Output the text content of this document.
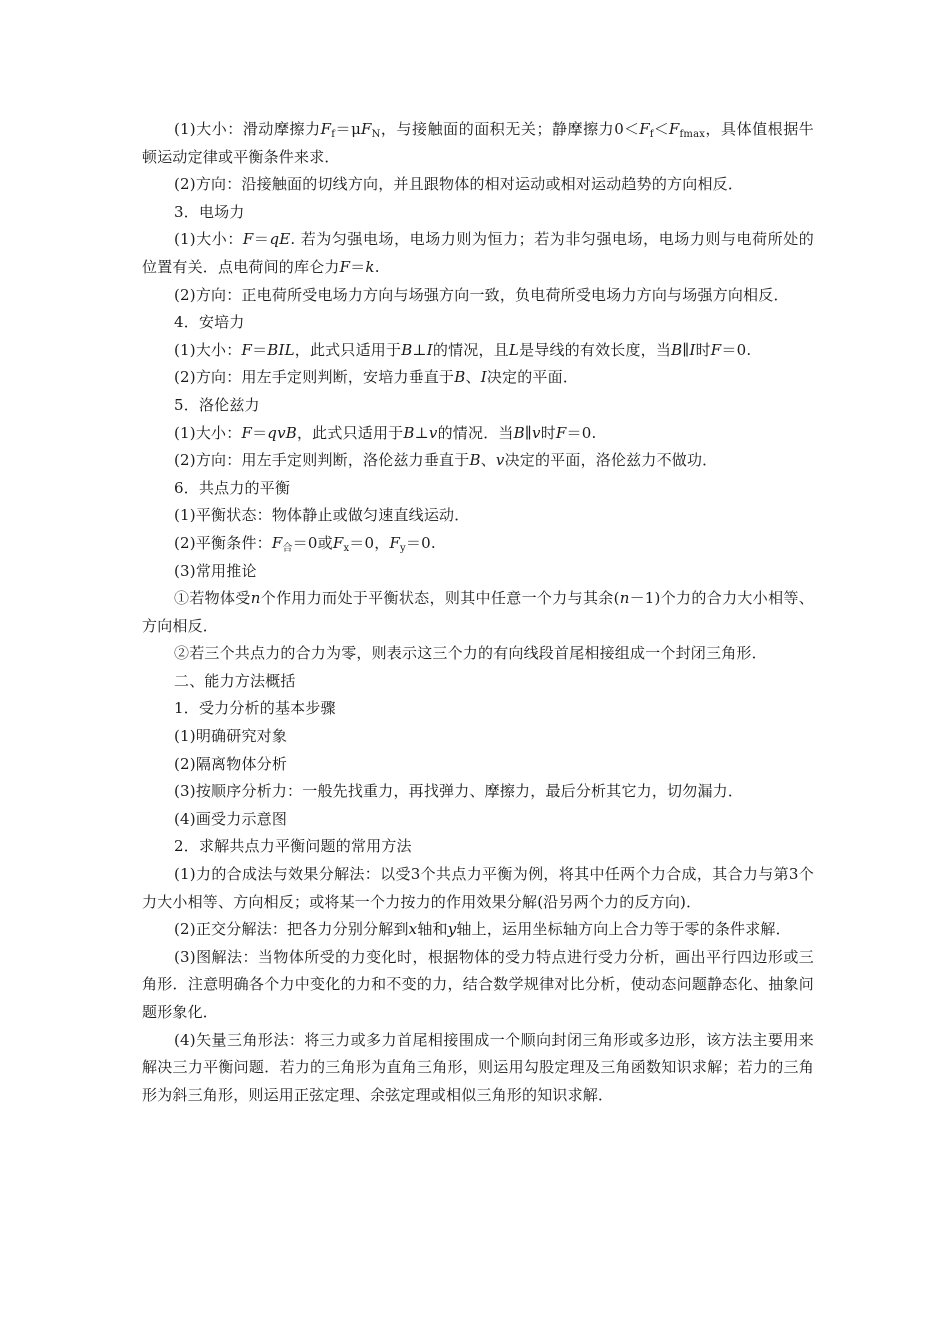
(1)大小：滑动摩擦力$F_f=\mu F_N$，与接触面的面积无关；静摩擦力$0<F_f<F_{fmax}$，具体值根据牛顿运动定律或平衡条件来求．

(2)方向：沿接触面的切线方向，并且跟物体的相对运动或相对运动趋势的方向相反．

3．电场力

(1)大小：F＝qE. 若为匀强电场，电场力则为恒力；若为非匀强电场，电场力则与电荷所处的位置有关．点电荷间的库仑力F＝k.

(2)方向：正电荷所受电场力方向与场强方向一致，负电荷所受电场力方向与场强方向相反．

4．安培力

(1)大小：F＝BIL，此式只适用于B⊥I的情况，且L是导线的有效长度，当B∥I时F＝0.

(2)方向：用左手定则判断，安培力垂直于B、I决定的平面．

5．洛伦兹力

(1)大小：F＝qvB，此式只适用于B⊥v的情况．当B∥v时F＝0.

(2)方向：用左手定则判断，洛伦兹力垂直于B、v决定的平面，洛伦兹力不做功．

6．共点力的平衡

(1)平衡状态：物体静止或做匀速直线运动．

(2)平衡条件：$F_合=0$或$F_x=0$，$F_y=0$.

(3)常用推论

①若物体受n个作用力而处于平衡状态，则其中任意一个力与其余(n－1)个力的合力大小相等、方向相反．

②若三个共点力的合力为零，则表示这三个力的有向线段首尾相接组成一个封闭三角形．

二、能力方法概括

1．受力分析的基本步骤

(1)明确研究对象

(2)隔离物体分析

(3)按顺序分析力：一般先找重力，再找弹力、摩擦力，最后分析其它力，切勿漏力．

(4)画受力示意图

2．求解共点力平衡问题的常用方法

(1)力的合成法与效果分解法：以受3个共点力平衡为例，将其中任两个力合成，其合力与第3个力大小相等、方向相反；或将某一个力按力的作用效果分解(沿另两个力的反方向)．

(2)正交分解法：把各力分别分解到x轴和y轴上，运用坐标轴方向上合力等于零的条件求解．

(3)图解法：当物体所受的力变化时，根据物体的受力特点进行受力分析，画出平行四边形或三角形．注意明确各个力中变化的力和不变的力，结合数学规律对比分析，使动态问题静态化、抽象问题形象化．

(4)矢量三角形法：将三力或多力首尾相接围成一个顺向封闭三角形或多边形，该方法主要用来解决三力平衡问题．若力的三角形为直角三角形，则运用勾股定理及三角函数知识求解；若力的三角形为斜三角形，则运用正弦定理、余弦定理或相似三角形的知识求解．
